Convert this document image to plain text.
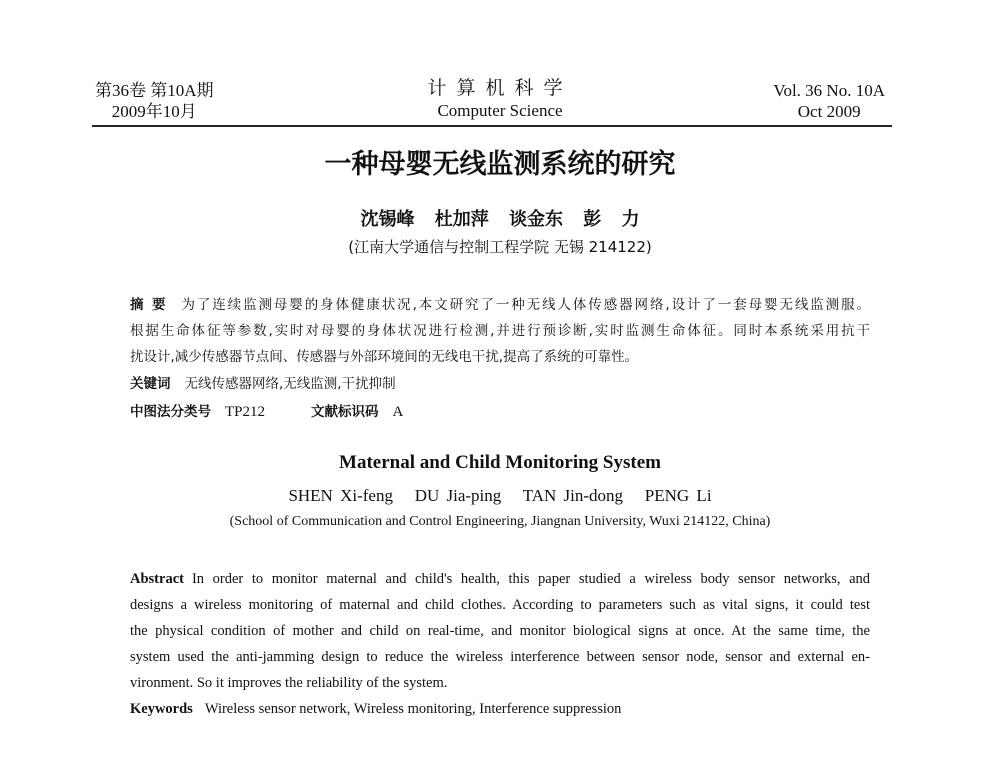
第36卷 第10A期
2009年10月
计算机科学
Computer Science
Vol. 36 No. 10A
Oct 2009
一种母婴无线监测系统的研究
沈锡峰 杜加萍 谈金东 彭 力
(江南大学通信与控制工程学院 无锡 214122)
摘 要 为了连续监测母婴的身体健康状况,本文研究了一种无线人体传感器网络,设计了一套母婴无线监测服。
根据生命体征等参数,实时对母婴的身体状况进行检测,并进行预诊断,实时监测生命体征。同时本系统采用抗干
扰设计,减少传感器节点间、传感器与外部环境间的无线电干扰,提高了系统的可靠性。
关键词 无线传感器网络,无线监测,干扰抑制
中图法分类号 TP212	文献标识码 A
Maternal and Child Monitoring System
SHEN Xi-feng   DU Jia-ping   TAN Jin-dong   PENG Li
(School of Communication and Control Engineering, Jiangnan University, Wuxi 214122, China)
Abstract In order to monitor maternal and child's health, this paper studied a wireless body sensor networks, and
designs a wireless monitoring of maternal and child clothes. According to parameters such as vital signs, it could test
the physical condition of mother and child on real-time, and monitor biological signs at once. At the same time, the
system used the anti-jamming design to reduce the wireless interference between sensor node, sensor and external en-
vironment. So it improves the reliability of the system.
Keywords Wireless sensor network, Wireless monitoring, Interference suppression
